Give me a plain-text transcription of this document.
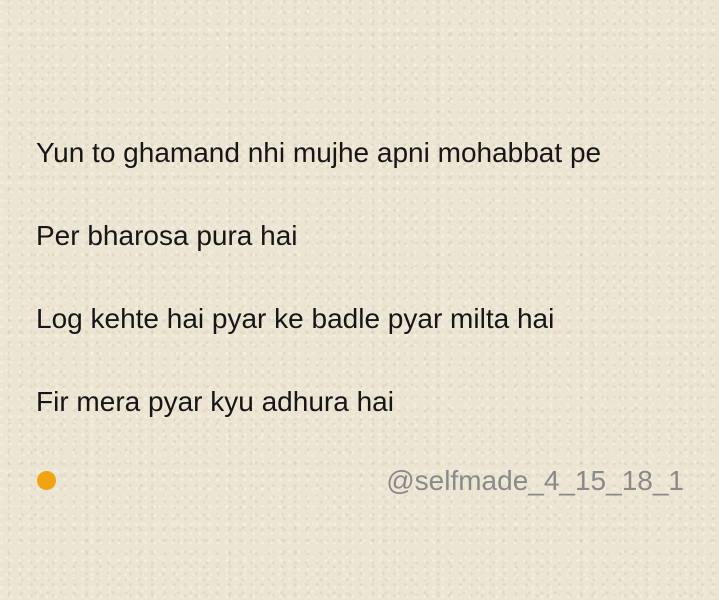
Yun to ghamand nhi mujhe apni mohabbat pe
Per bharosa pura hai
Log kehte hai pyar ke badle pyar milta hai
Fir mera pyar kyu adhura hai
@selfmade_4_15_18_1
